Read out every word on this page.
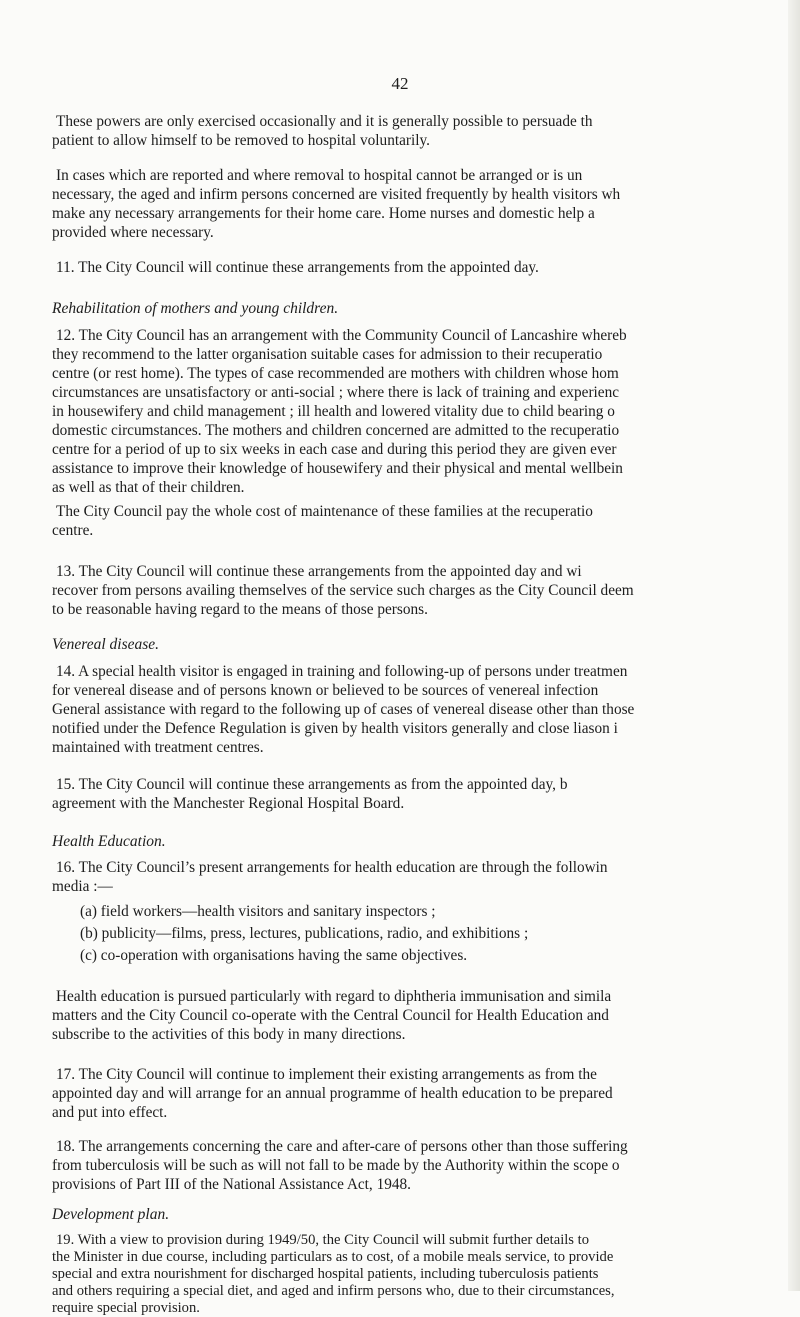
42
These powers are only exercised occasionally and it is generally possible to persuade th
patient to allow himself to be removed to hospital voluntarily.
In cases which are reported and where removal to hospital cannot be arranged or is un
necessary, the aged and infirm persons concerned are visited frequently by health visitors wh
make any necessary arrangements for their home care. Home nurses and domestic help a
provided where necessary.
11. The City Council will continue these arrangements from the appointed day.
Rehabilitation of mothers and young children.
12. The City Council has an arrangement with the Community Council of Lancashire whereb
they recommend to the latter organisation suitable cases for admission to their recuperatio
centre (or rest home). The types of case recommended are mothers with children whose hom
circumstances are unsatisfactory or anti-social ; where there is lack of training and experienc
in housewifery and child management ; ill health and lowered vitality due to child bearing o
domestic circumstances. The mothers and children concerned are admitted to the recuperatio
centre for a period of up to six weeks in each case and during this period they are given ever
assistance to improve their knowledge of housewifery and their physical and mental wellbein
as well as that of their children.
The City Council pay the whole cost of maintenance of these families at the recuperatio
centre.
13. The City Council will continue these arrangements from the appointed day and wi
recover from persons availing themselves of the service such charges as the City Council deem
to be reasonable having regard to the means of those persons.
Venereal disease.
14. A special health visitor is engaged in training and following-up of persons under treatmen
for venereal disease and of persons known or believed to be sources of venereal infection
General assistance with regard to the following up of cases of venereal disease other than those
notified under the Defence Regulation is given by health visitors generally and close liason i
maintained with treatment centres.
15. The City Council will continue these arrangements as from the appointed day, b
agreement with the Manchester Regional Hospital Board.
Health Education.
16. The City Council’s present arrangements for health education are through the followin
media :—
(a) field workers—health visitors and sanitary inspectors ;
(b) publicity—films, press, lectures, publications, radio, and exhibitions ;
(c) co-operation with organisations having the same objectives.
Health education is pursued particularly with regard to diphtheria immunisation and simila
matters and the City Council co-operate with the Central Council for Health Education and
subscribe to the activities of this body in many directions.
17. The City Council will continue to implement their existing arrangements as from the
appointed day and will arrange for an annual programme of health education to be prepared
and put into effect.
18. The arrangements concerning the care and after-care of persons other than those suffering
from tuberculosis will be such as will not fall to be made by the Authority within the scope o
provisions of Part III of the National Assistance Act, 1948.
Development plan.
19. With a view to provision during 1949/50, the City Council will submit further details to
the Minister in due course, including particulars as to cost, of a mobile meals service, to provide
special and extra nourishment for discharged hospital patients, including tuberculosis patients
and others requiring a special diet, and aged and infirm persons who, due to their circumstances,
require special provision.
